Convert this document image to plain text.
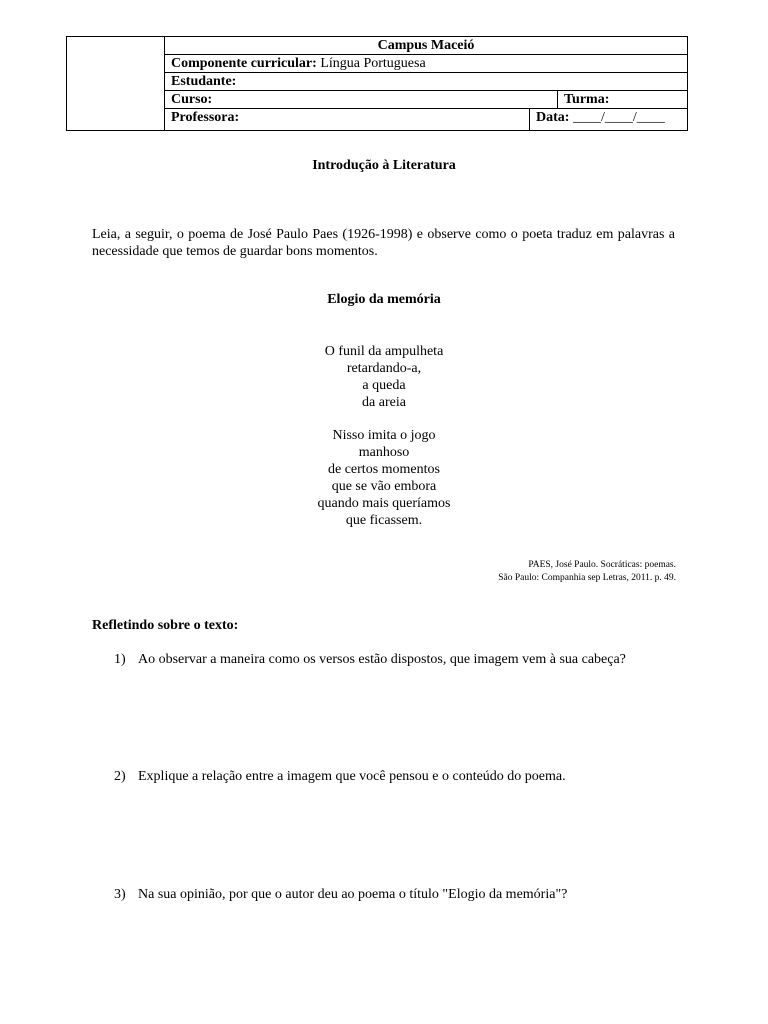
Campus Maceió
Componente curricular: Língua Portuguesa
Estudante:
Curso:	Turma:
Professora:	Data: ____/____/____
Introdução à Literatura
Leia, a seguir, o poema de José Paulo Paes (1926-1998) e observe como o poeta traduz em palavras a necessidade que temos de guardar bons momentos.
Elogio da memória
O funil da ampulheta
retardando-a,
a queda
da areia
Nisso imita o jogo
manhoso
de certos momentos
que se vão embora
quando mais queríamos
que ficassem.
PAES, José Paulo. Socráticas: poemas.
São Paulo: Companhia sep Letras, 2011. p. 49.
Refletindo sobre o texto:
1) Ao observar a maneira como os versos estão dispostos, que imagem vem à sua cabeça?
2) Explique a relação entre a imagem que você pensou e o conteúdo do poema.
3) Na sua opinião, por que o autor deu ao poema o título "Elogio da memória"?
